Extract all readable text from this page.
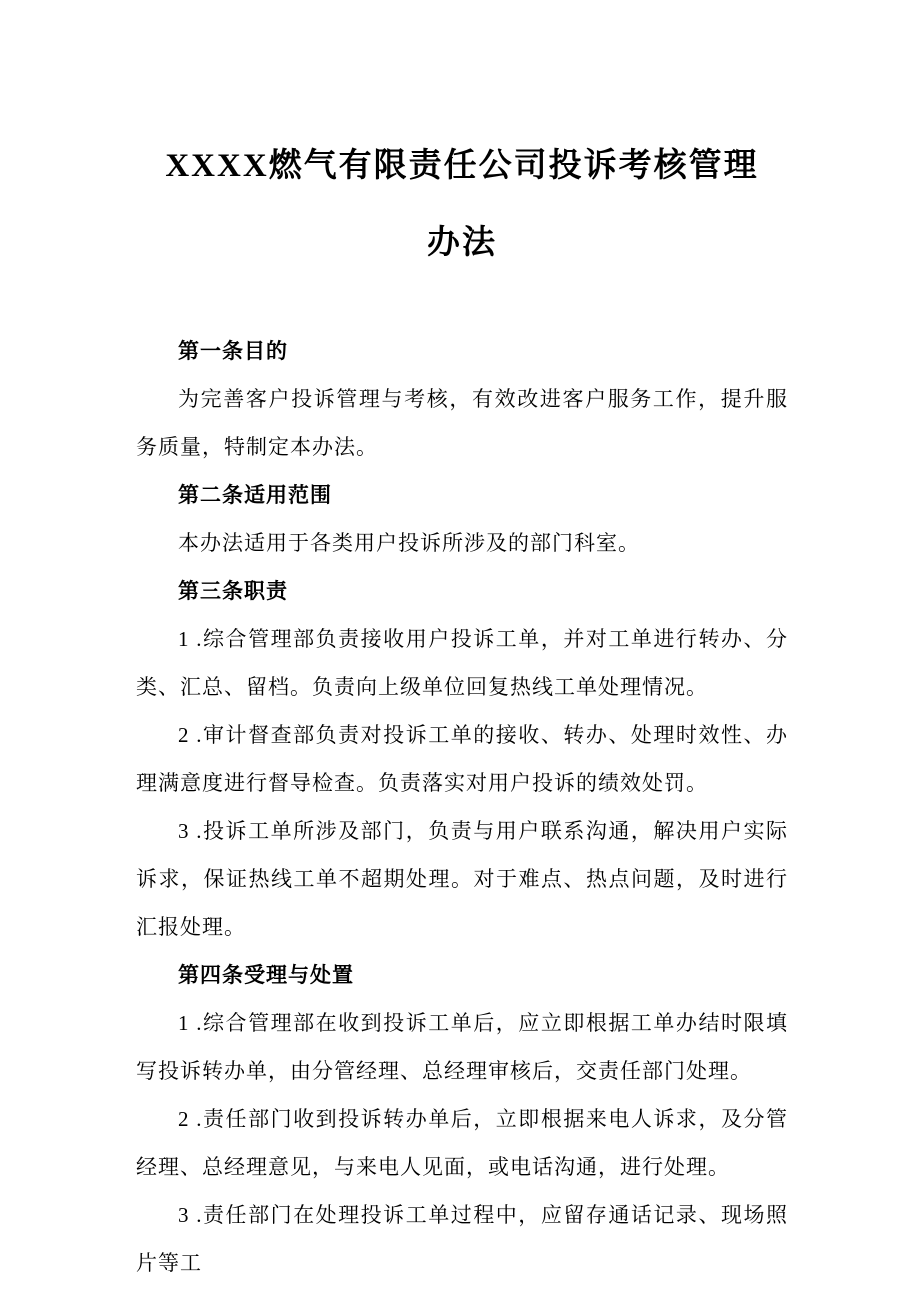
XXXX燃气有限责任公司投诉考核管理
办法
第一条目的

为完善客户投诉管理与考核，有效改进客户服务工作，提升服务质量，特制定本办法。

第二条适用范围

本办法适用于各类用户投诉所涉及的部门科室。

第三条职责

1 .综合管理部负责接收用户投诉工单，并对工单进行转办、分类、汇总、留档。负责向上级单位回复热线工单处理情况。

2 .审计督查部负责对投诉工单的接收、转办、处理时效性、办理满意度进行督导检查。负责落实对用户投诉的绩效处罚。

3 .投诉工单所涉及部门，负责与用户联系沟通，解决用户实际诉求，保证热线工单不超期处理。对于难点、热点问题，及时进行汇报处理。

第四条受理与处置

1 .综合管理部在收到投诉工单后，应立即根据工单办结时限填写投诉转办单，由分管经理、总经理审核后，交责任部门处理。

2 .责任部门收到投诉转办单后，立即根据来电人诉求，及分管经理、总经理意见，与来电人见面，或电话沟通，进行处理。

3 .责任部门在处理投诉工单过程中，应留存通话记录、现场照片等工
